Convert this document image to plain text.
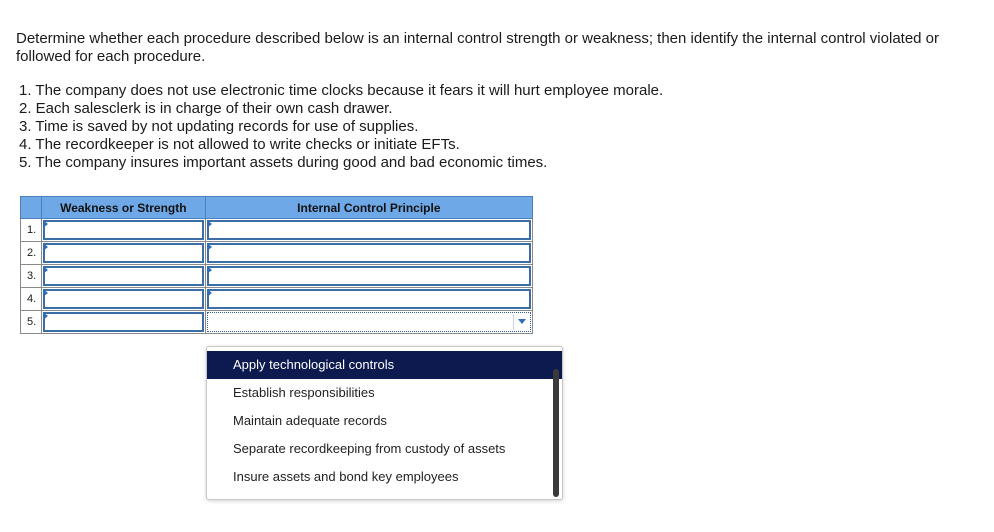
Determine whether each procedure described below is an internal control strength or weakness; then identify the internal control violated or followed for each procedure.
1. The company does not use electronic time clocks because it fears it will hurt employee morale.
2. Each salesclerk is in charge of their own cash drawer.
3. Time is saved by not updating records for use of supplies.
4. The recordkeeper is not allowed to write checks or initiate EFTs.
5. The company insures important assets during good and bad economic times.
	Weakness or Strength	Internal Control Principle
1.	

2.	

3.	

4.	

5.	

Apply technological controls
Establish responsibilities
Maintain adequate records
Separate recordkeeping from custody of assets
Insure assets and bond key employees
